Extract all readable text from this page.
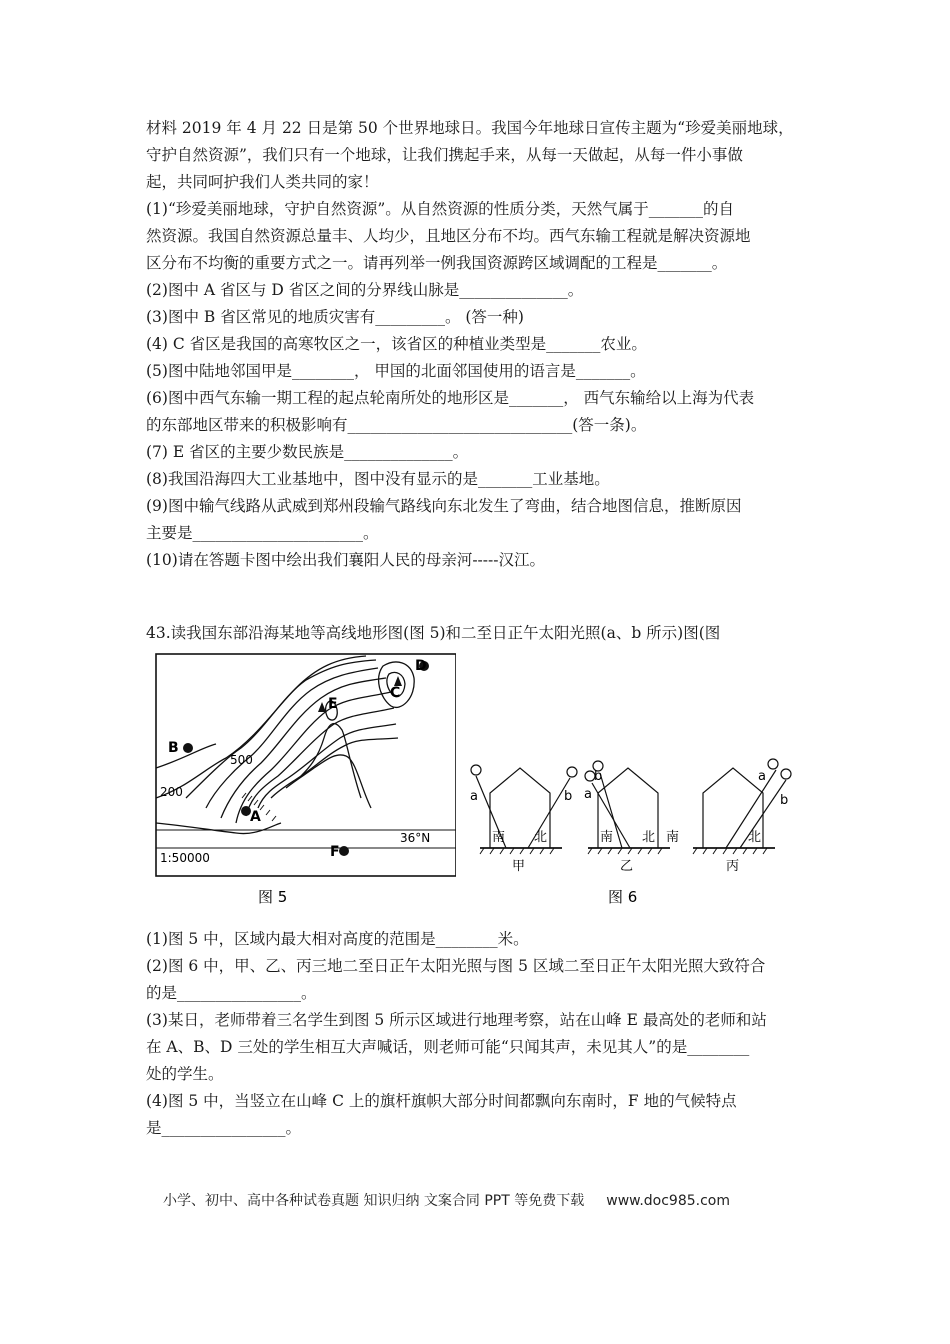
材料 2019 年 4 月 22 日是第 50 个世界地球日。我国今年地球日宣传主题为“珍爱美丽地球，
守护自然资源”，我们只有一个地球，让我们携起手来，从每一天做起，从每一件小事做
起，共同呵护我们人类共同的家！
(1)“珍爱美丽地球，守护自然资源”。从自然资源的性质分类，天然气属于_______的自
然资源。我国自然资源总量丰、人均少，且地区分布不均。西气东输工程就是解决资源地
区分布不均衡的重要方式之一。请再列举一例我国资源跨区域调配的工程是_______。
(2)图中 A 省区与 D 省区之间的分界线山脉是______________。
(3)图中 B 省区常见的地质灾害有_________。 (答一种)
(4) C 省区是我国的高寒牧区之一，该省区的种植业类型是_______农业。
(5)图中陆地邻国甲是________， 甲国的北面邻国使用的语言是_______。
(6)图中西气东输一期工程的起点轮南所处的地形区是_______， 西气东输给以上海为代表
的东部地区带来的积极影响有_____________________________(答一条)。
(7) E 省区的主要少数民族是______________。
(8)我国沿海四大工业基地中，图中没有显示的是_______工业基地。
(9)图中输气线路从武威到郑州段输气路线向东北发生了弯曲，结合地图信息，推断原因
主要是______________________。
(10)请在答题卡图中绘出我们襄阳人民的母亲河-----汉江。
43.读我国东部沿海某地等高线地形图(图 5)和二至日正午太阳光照(a、b 所示)图(图
B
A
D
C
E
F
500
200
36°N
1:50000
图 5
a	b
南 北
甲
a
b
南 北
乙
a
b
南	北
丙
图 6
(1)图 5 中，区域内最大相对高度的范围是________米。
(2)图 6 中，甲、乙、丙三地二至日正午太阳光照与图 5 区域二至日正午太阳光照大致符合
的是________________。
(3)某日，老师带着三名学生到图 5 所示区域进行地理考察，站在山峰 E 最高处的老师和站
在 A、B、D 三处的学生相互大声喊话，则老师可能“只闻其声，未见其人”的是________
处的学生。
(4)图 5 中，当竖立在山峰 C 上的旗杆旗帜大部分时间都飘向东南时，F 地的气候特点
是________________。
小学、初中、高中各种试卷真题 知识归纳 文案合同 PPT 等免费下载 www.doc985.com
